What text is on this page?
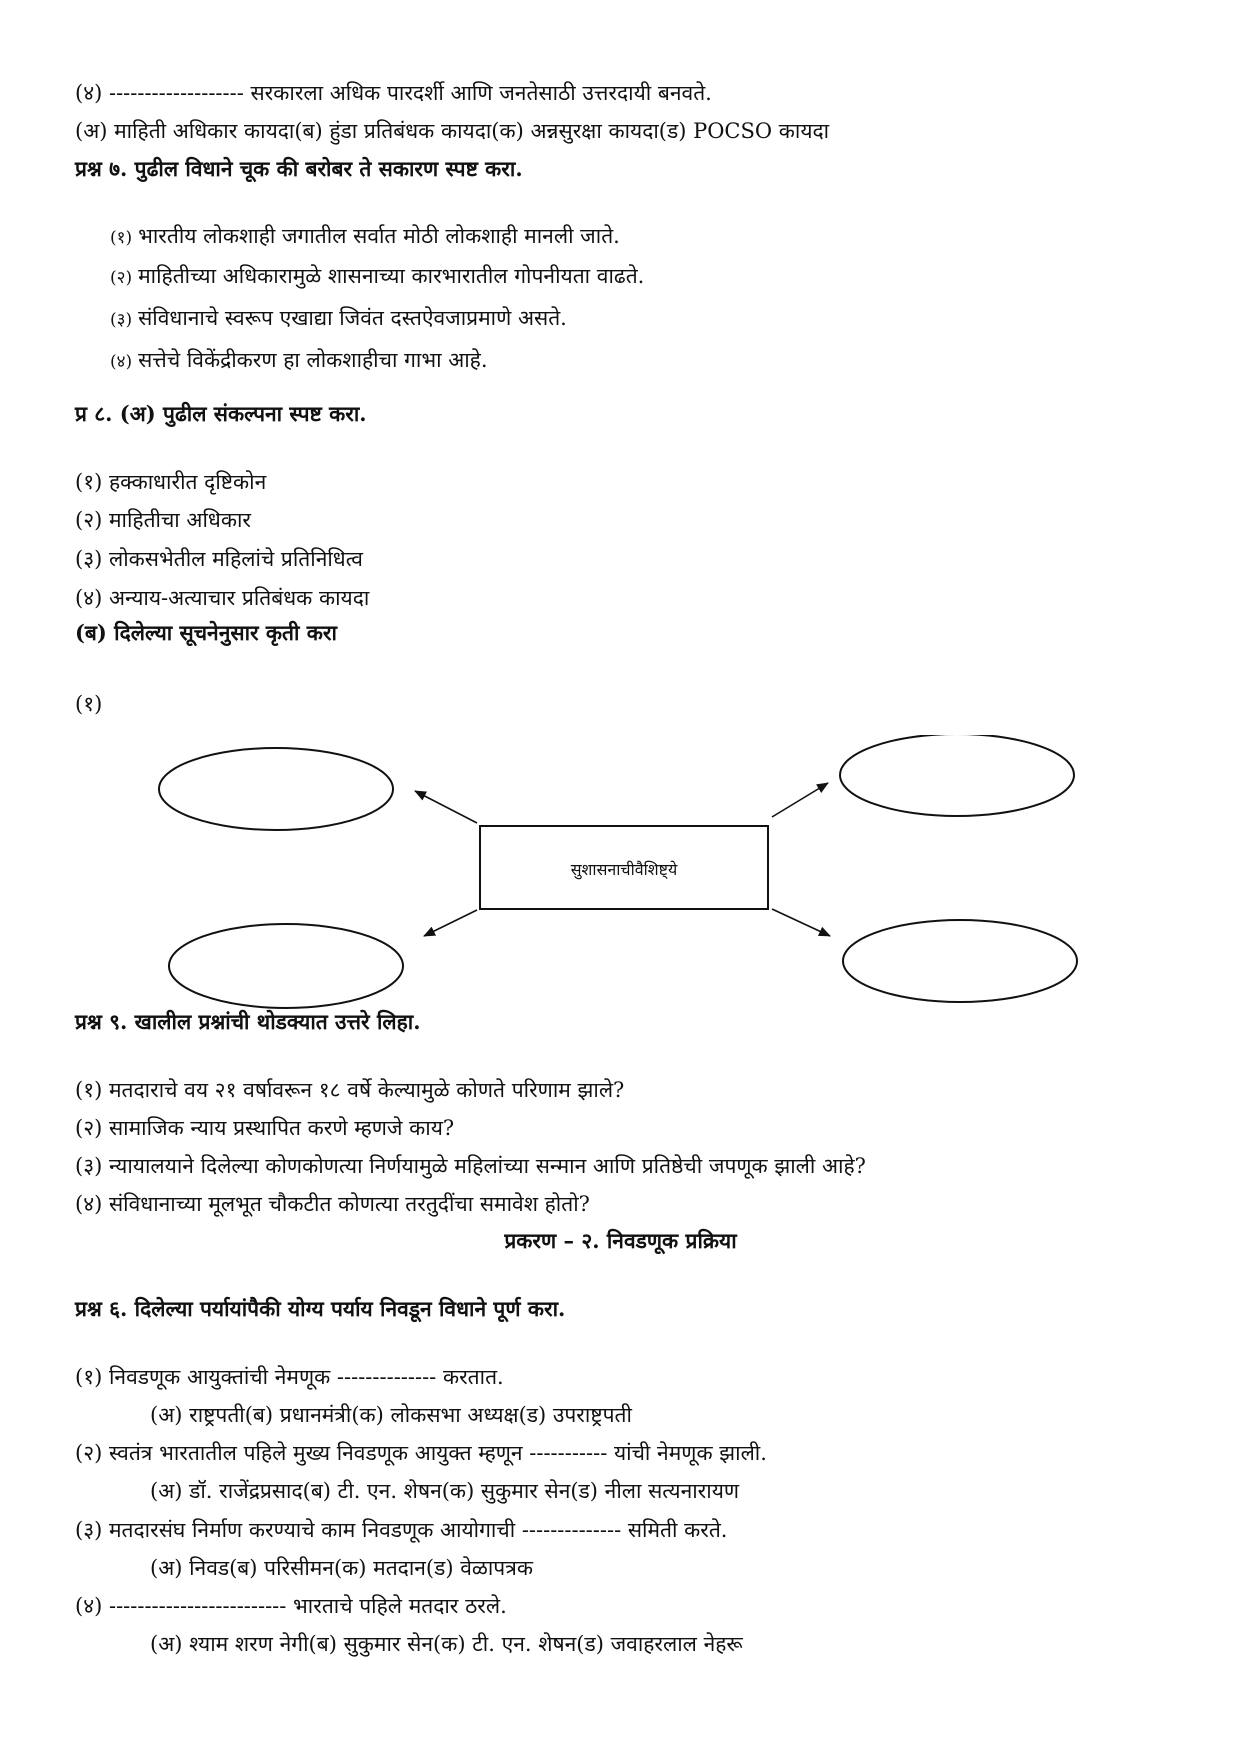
(४) ------------------- सरकारला अधिक पारदर्शी आणि जनतेसाठी उत्तरदायी बनवते.
(अ) माहिती अधिकार कायदा(ब) हुंडा प्रतिबंधक कायदा(क) अन्नसुरक्षा कायदा(ड) POCSO कायदा
प्रश्न ७. पुढील विधाने चूक की बरोबर ते सकारण स्पष्ट करा.
(१) भारतीय लोकशाही जगातील सर्वात मोठी लोकशाही मानली जाते.
(२) माहितीच्या अधिकारामुळे शासनाच्या कारभारातील गोपनीयता वाढते.
(३) संविधानाचे स्वरूप एखाद्या जिवंत दस्तऐवजाप्रमाणे असते.
(४) सत्तेचे विकेंद्रीकरण हा लोकशाहीचा गाभा आहे.
प्र ८. (अ) पुढील संकल्पना स्पष्ट करा.
(१) हक्काधारीत दृष्टिकोन
(२) माहितीचा अधिकार
(३) लोकसभेतील महिलांचे प्रतिनिधित्व
(४) अन्याय-अत्याचार प्रतिबंधक कायदा
(ब) दिलेल्या सूचनेनुसार कृती करा
(१)
सुशासनाचीवैशिष्ट्ये
प्रश्न ९. खालील प्रश्नांची थोडक्यात उत्तरे लिहा.
(१) मतदाराचे वय २१ वर्षावरून १८ वर्षे केल्यामुळे कोणते परिणाम झाले?
(२) सामाजिक न्याय प्रस्थापित करणे म्हणजे काय?
(३) न्यायालयाने दिलेल्या कोणकोणत्या निर्णयामुळे महिलांच्या सन्मान आणि प्रतिष्ठेची जपणूक झाली आहे?
(४) संविधानाच्या मूलभूत चौकटीत कोणत्या तरतुदींचा समावेश होतो?
प्रकरण – २. निवडणूक प्रक्रिया
प्रश्न ६. दिलेल्या पर्यायांपैकी योग्य पर्याय निवडून विधाने पूर्ण करा.
(१) निवडणूक आयुक्तांची नेमणूक -------------- करतात.
(अ) राष्ट्रपती(ब) प्रधानमंत्री(क) लोकसभा अध्यक्ष(ड) उपराष्ट्रपती
(२) स्वतंत्र भारतातील पहिले मुख्य निवडणूक आयुक्त म्हणून ----------- यांची नेमणूक झाली.
(अ) डॉ. राजेंद्रप्रसाद(ब) टी. एन. शेषन(क) सुकुमार सेन(ड) नीला सत्यनारायण
(३) मतदारसंघ निर्माण करण्याचे काम निवडणूक आयोगाची -------------- समिती करते.
(अ) निवड(ब) परिसीमन(क) मतदान(ड) वेळापत्रक
(४) ------------------------- भारताचे पहिले मतदार ठरले.
(अ) श्याम शरण नेगी(ब) सुकुमार सेन(क) टी. एन. शेषन(ड) जवाहरलाल नेहरू
